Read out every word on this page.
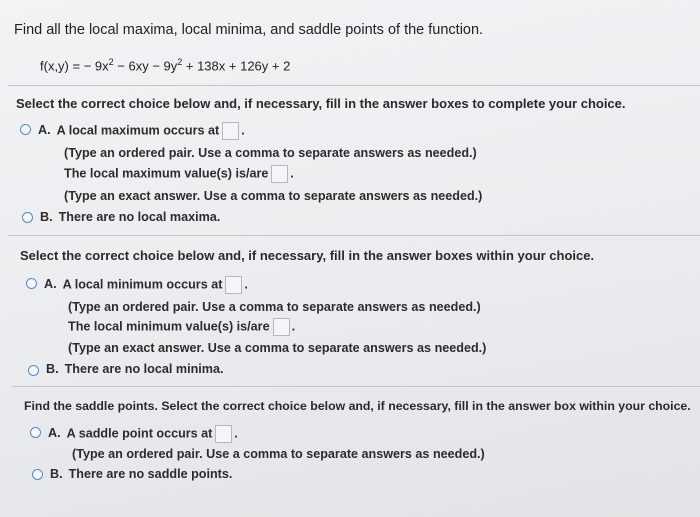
Find all the local maxima, local minima, and saddle points of the function.
f(x,y) = − $9x^2 - 6xy - 9y^2 + 138x + 126y + 2$
Select the correct choice below and, if necessary, fill in the answer boxes to complete your choice.
A. A local maximum occurs at .
(Type an ordered pair. Use a comma to separate answers as needed.)
The local maximum value(s) is/are .
(Type an exact answer. Use a comma to separate answers as needed.)
B. There are no local maxima.
Select the correct choice below and, if necessary, fill in the answer boxes within your choice.
A. A local minimum occurs at .
(Type an ordered pair. Use a comma to separate answers as needed.)
The local minimum value(s) is/are .
(Type an exact answer. Use a comma to separate answers as needed.)
B. There are no local minima.
Find the saddle points. Select the correct choice below and, if necessary, fill in the answer box within your choice.
A. A saddle point occurs at .
(Type an ordered pair. Use a comma to separate answers as needed.)
B. There are no saddle points.
